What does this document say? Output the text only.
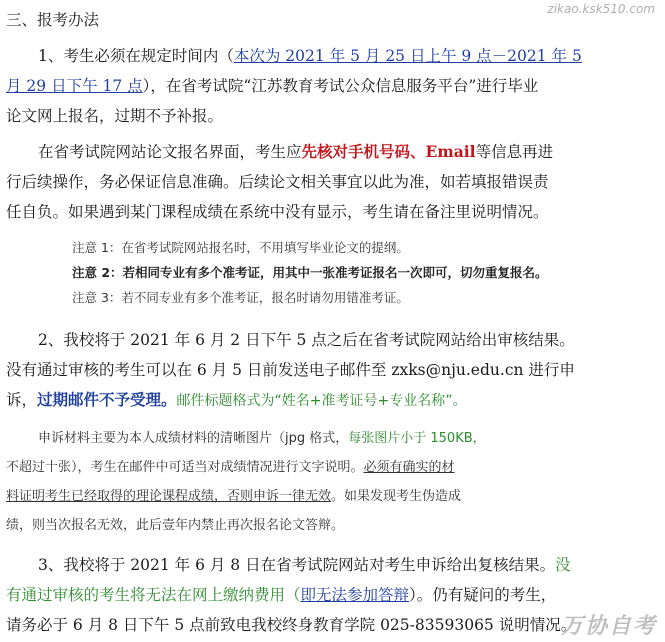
zikao.ksk510.com
三、报考办法
1、考生必须在规定时间内（本次为 2021 年 5 月 25 日上午 9 点－2021 年 5
月 29 日下午 17 点），在省考试院“江苏教育考试公众信息服务平台”进行毕业
论文网上报名，过期不予补报。
在省考试院网站论文报名界面，考生应先核对手机号码、Email等信息再进
行后续操作，务必保证信息准确。后续论文相关事宜以此为准，如若填报错误责
任自负。如果遇到某门课程成绩在系统中没有显示，考生请在备注里说明情况。
注意 1：在省考试院网站报名时，不用填写毕业论文的提纲。
注意 2：若相同专业有多个准考证，用其中一张准考证报名一次即可，切勿重复报名。
注意 3：若不同专业有多个准考证，报名时请勿用错准考证。
2、我校将于 2021 年 6 月 2 日下午 5 点之后在省考试院网站给出审核结果。
没有通过审核的考生可以在 6 月 5 日前发送电子邮件至 zxks@nju.edu.cn 进行申
诉，过期邮件不予受理。邮件标题格式为“姓名+准考证号+专业名称”。
申诉材料主要为本人成绩材料的清晰图片（jpg 格式，每张图片小于 150KB，
不超过十张），考生在邮件中可适当对成绩情况进行文字说明。必须有确实的材
料证明考生已经取得的理论课程成绩，否则申诉一律无效。如果发现考生伪造成
绩，则当次报名无效，此后壹年内禁止再次报名论文答辩。
3、我校将于 2021 年 6 月 8 日在省考试院网站对考生申诉给出复核结果。没
有通过审核的考生将无法在网上缴纳费用（即无法参加答辩）。仍有疑问的考生，
请务必于 6 月 8 日下午 5 点前致电我校终身教育学院 025-83593065 说明情况。
万协自考
